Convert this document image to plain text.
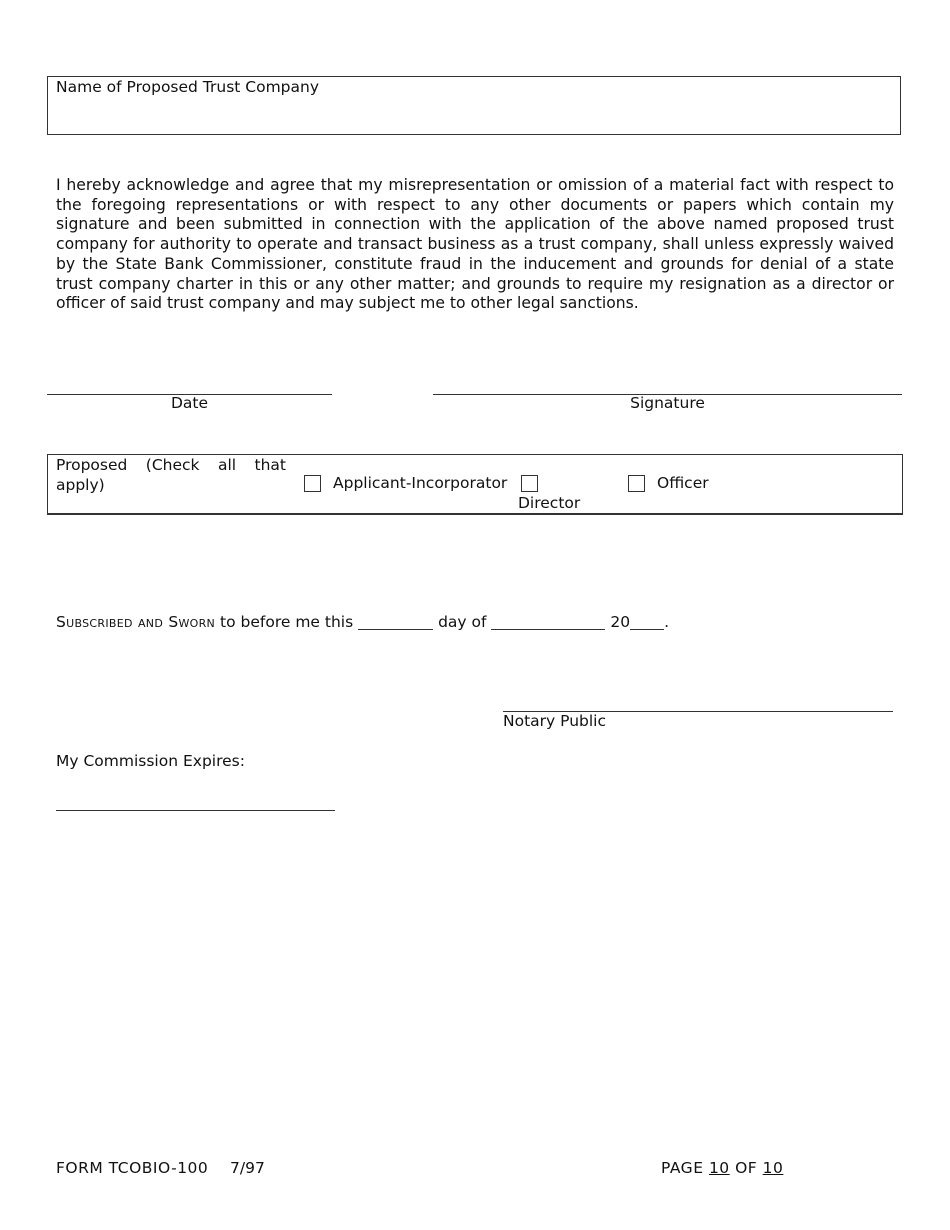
Name of Proposed Trust Company
I hereby acknowledge and agree that my misrepresentation or omission of a material fact with respect to the foregoing representations or with respect to any other documents or papers which contain my signature and been submitted in connection with the application of the above named proposed trust company for authority to operate and transact business as a trust company, shall unless expressly waived by the State Bank Commissioner, constitute fraud in the inducement and grounds for denial of a state trust company charter in this or any other matter; and grounds to require my resignation as a director or officer of said trust company and may subject me to other legal sanctions.
Date	Signature
Proposed (Check all that
apply)	Applicant-Incorporator
Director
Officer
Subscribed and Sworn to before me this	day of	20 .
Notary Public
My Commission Expires:
FORM TCOBIO-100 7/97	PAGE 10 OF 10
